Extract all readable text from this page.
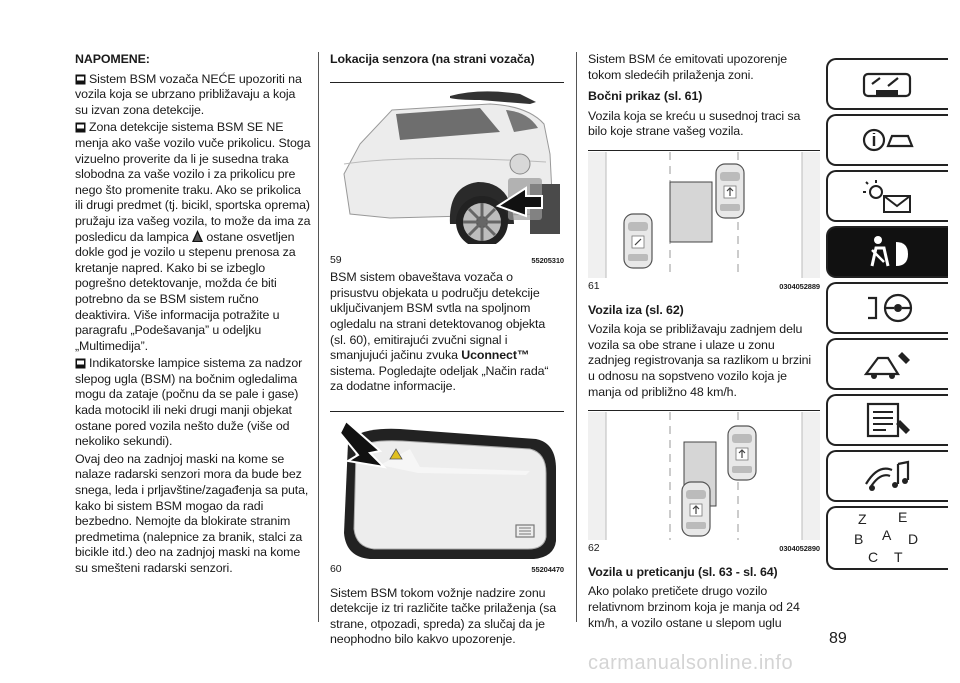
NAPOMENE:
Sistem BSM vozača NEĆE upozoriti na vozila koja se ubrzano približavaju a koja su izvan zona detekcije.
Zona detekcije sistema BSM SE NE menja ako vaše vozilo vuče prikolicu. Stoga vizuelno proverite da li je susedna traka slobodna za vaše vozilo i za prikolicu pre nego što promenite traku. Ako se prikolica ili drugi predmet (tj. bicikl, sportska oprema) pružaju iza vašeg vozila, to može da ima za posledicu da lampica ostane osvetljen dokle god je vozilo u stepenu prenosa za kretanje napred. Kako bi se izbeglo pogrešno detektovanje, možda će biti potrebno da se BSM sistem ručno deaktivira. Više informacija potražite u paragrafu „Podešavanja” u odeljku „Multimedija”.
Indikatorske lampice sistema za nadzor slepog ugla (BSM) na bočnim ogledalima mogu da zataje (počnu da se pale i gase) kada motocikl ili neki drugi manji objekat ostane pored vozila nešto duže (više od nekoliko sekundi).
Ovaj deo na zadnjoj maski na kome se nalaze radarski senzori mora da bude bez snega, leda i prljavštine/zagađenja sa puta, kako bi sistem BSM mogao da radi bezbedno. Nemojte da blokirate stranim predmetima (nalepnice za branik, stalci za bicikle itd.) deo na zadnjoj maski na kome su smešteni radarski senzori.
Lokacija senzora (na strani vozača)
59	55205310
BSM sistem obaveštava vozača o prisustvu objekata u području detekcije uključivanjem BSM svtla na spoljnom ogledalu na strani detektovanog objekta (sl. 60), emitirajući zvučni signal i smanjujući jačinu zvuka Uconnect™ sistema. Pogledajte odeljak „Način rada“ za dodatne informacije.
60	55204470
Sistem BSM tokom vožnje nadzire zonu detekcije iz tri različite tačke prilaženja (sa strane, otpozadi, spreda) za slučaj da je neophodno bilo kakvo upozorenje.
Sistem BSM će emitovati upozorenje tokom sledećih prilaženja zoni.
Bočni prikaz (sl. 61)
Vozila koja se kreću u susednoj traci sa bilo koje strane vašeg vozila.
61	0304052889
Vozila iza (sl. 62)
Vozila koja se približavaju zadnjem delu vozila sa obe strane i ulaze u zonu zadnjeg registrovanja sa razlikom u brzini u odnosu na sopstveno vozilo koja je manja od približno 48 km/h.
62	0304052890
Vozila u preticanju (sl. 63 - sl. 64)
Ako polako pretičete drugo vozilo relativnom brzinom koja je manja od 24 km/h, a vozilo ostane u slepom uglu
Z E
B A D
C T
89
carmanualsonline.info
